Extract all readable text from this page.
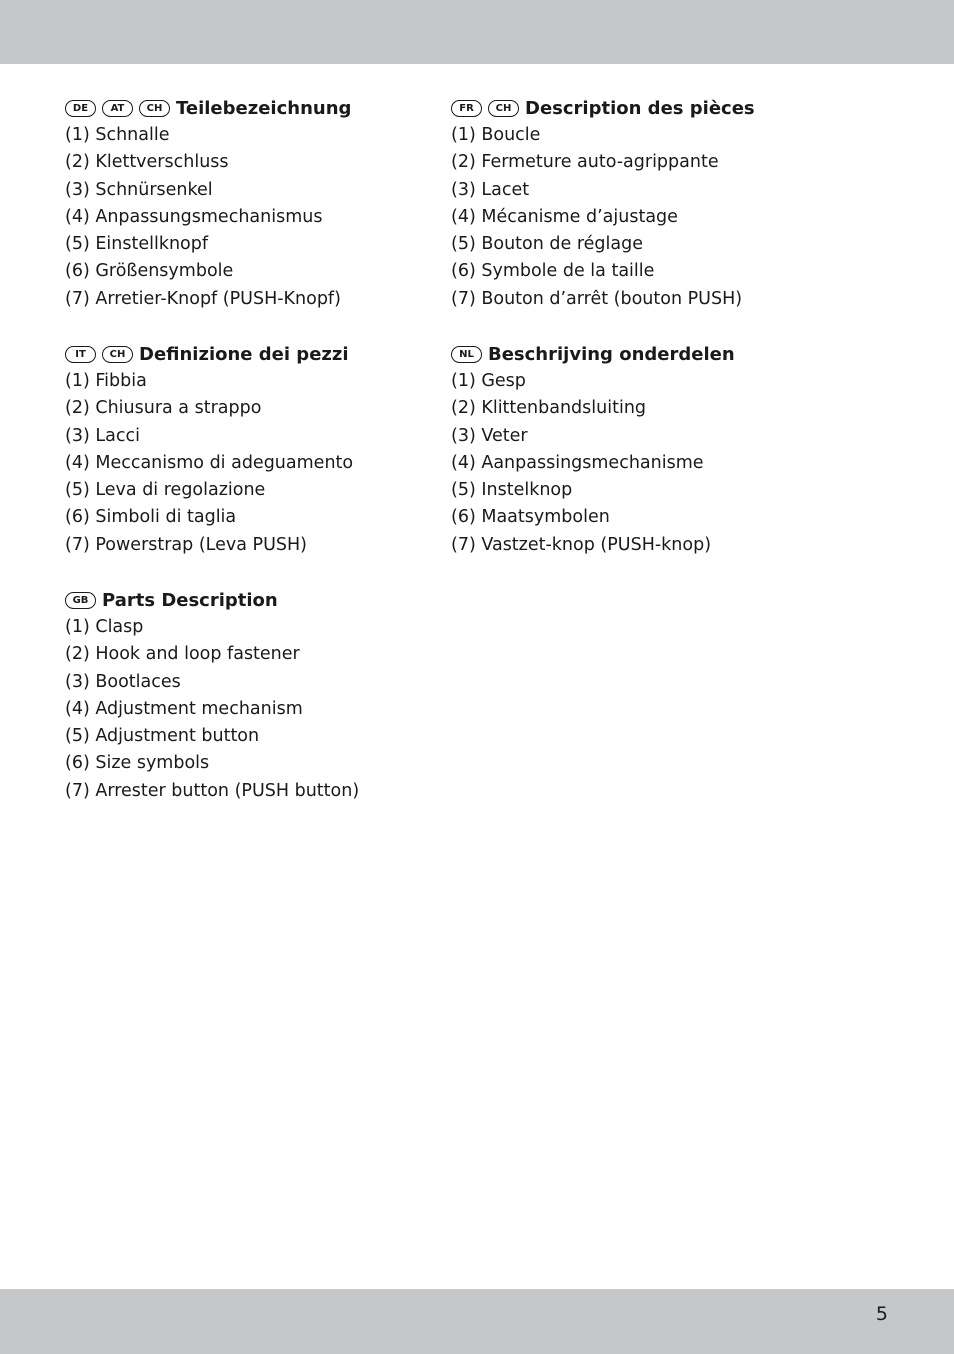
DE	AT	CH Teilebezeichnung
(1) Schnalle
(2) Klettverschluss
(3) Schnürsenkel
(4) Anpassungsmechanismus
(5) Einstellknopf
(6) Größensymbole
(7) Arretier-Knopf (PUSH-Knopf)
FR	CH Description des pièces
(1) Boucle
(2) Fermeture auto-agrippante
(3) Lacet
(4) Mécanisme d’ajustage
(5) Bouton de réglage
(6) Symbole de la taille
(7) Bouton d’arrêt (bouton PUSH)
IT	CH Definizione dei pezzi
(1) Fibbia
(2) Chiusura a strappo
(3) Lacci
(4) Meccanismo di adeguamento
(5) Leva di regolazione
(6) Simboli di taglia
(7) Powerstrap (Leva PUSH)
NL Beschrijving onderdelen
(1) Gesp
(2) Klittenbandsluiting
(3) Veter
(4) Aanpassingsmechanisme
(5) Instelknop
(6) Maatsymbolen
(7) Vastzet-knop (PUSH-knop)
GB Parts Description
(1) Clasp
(2) Hook and loop fastener
(3) Bootlaces
(4) Adjustment mechanism
(5) Adjustment button
(6) Size symbols
(7) Arrester button (PUSH button)
5
